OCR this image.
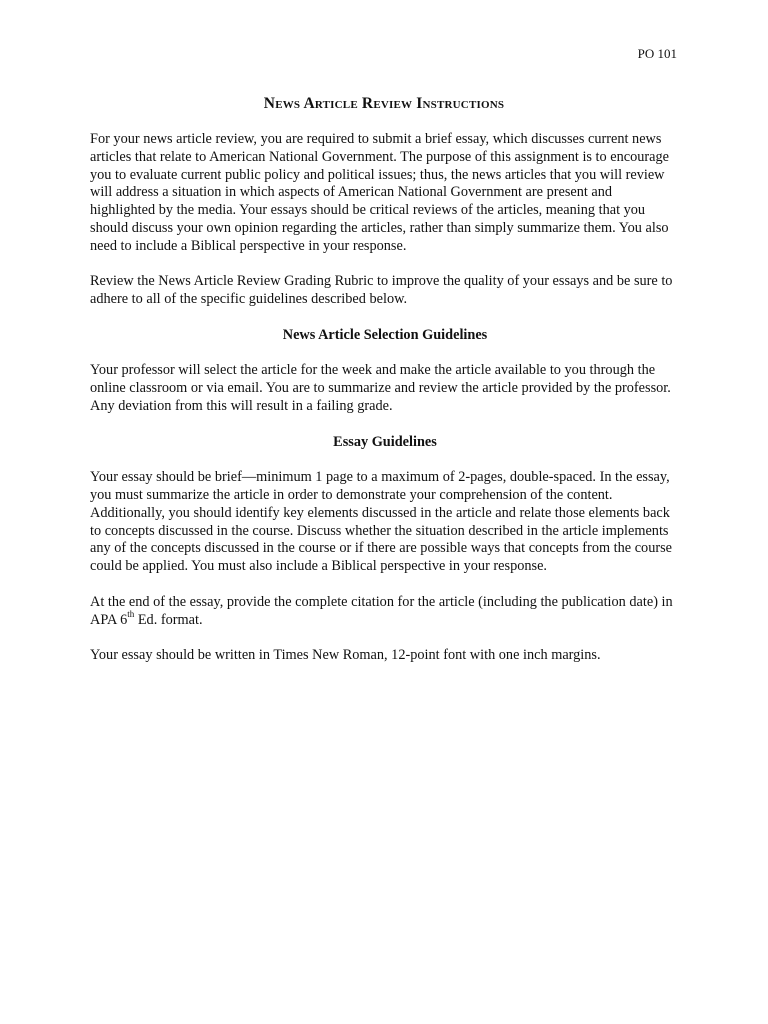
PO 101
News Article Review Instructions

For your news article review, you are required to submit a brief essay, which discusses current news articles that relate to American National Government. The purpose of this assignment is to encourage you to evaluate current public policy and political issues; thus, the news articles that you will review will address a situation in which aspects of American National Government are present and highlighted by the media. Your essays should be critical reviews of the articles, meaning that you should discuss your own opinion regarding the articles, rather than simply summarize them. You also need to include a Biblical perspective in your response.

Review the News Article Review Grading Rubric to improve the quality of your essays and be sure to adhere to all of the specific guidelines described below.

News Article Selection Guidelines

Your professor will select the article for the week and make the article available to you through the online classroom or via email. You are to summarize and review the article provided by the professor. Any deviation from this will result in a failing grade.

Essay Guidelines

Your essay should be brief—minimum 1 page to a maximum of 2-pages, double-spaced. In the essay, you must summarize the article in order to demonstrate your comprehension of the content. Additionally, you should identify key elements discussed in the article and relate those elements back to concepts discussed in the course. Discuss whether the situation described in the article implements any of the concepts discussed in the course or if there are possible ways that concepts from the course could be applied. You must also include a Biblical perspective in your response.

At the end of the essay, provide the complete citation for the article (including the publication date) in APA 6th Ed. format.

Your essay should be written in Times New Roman, 12-point font with one inch margins.
